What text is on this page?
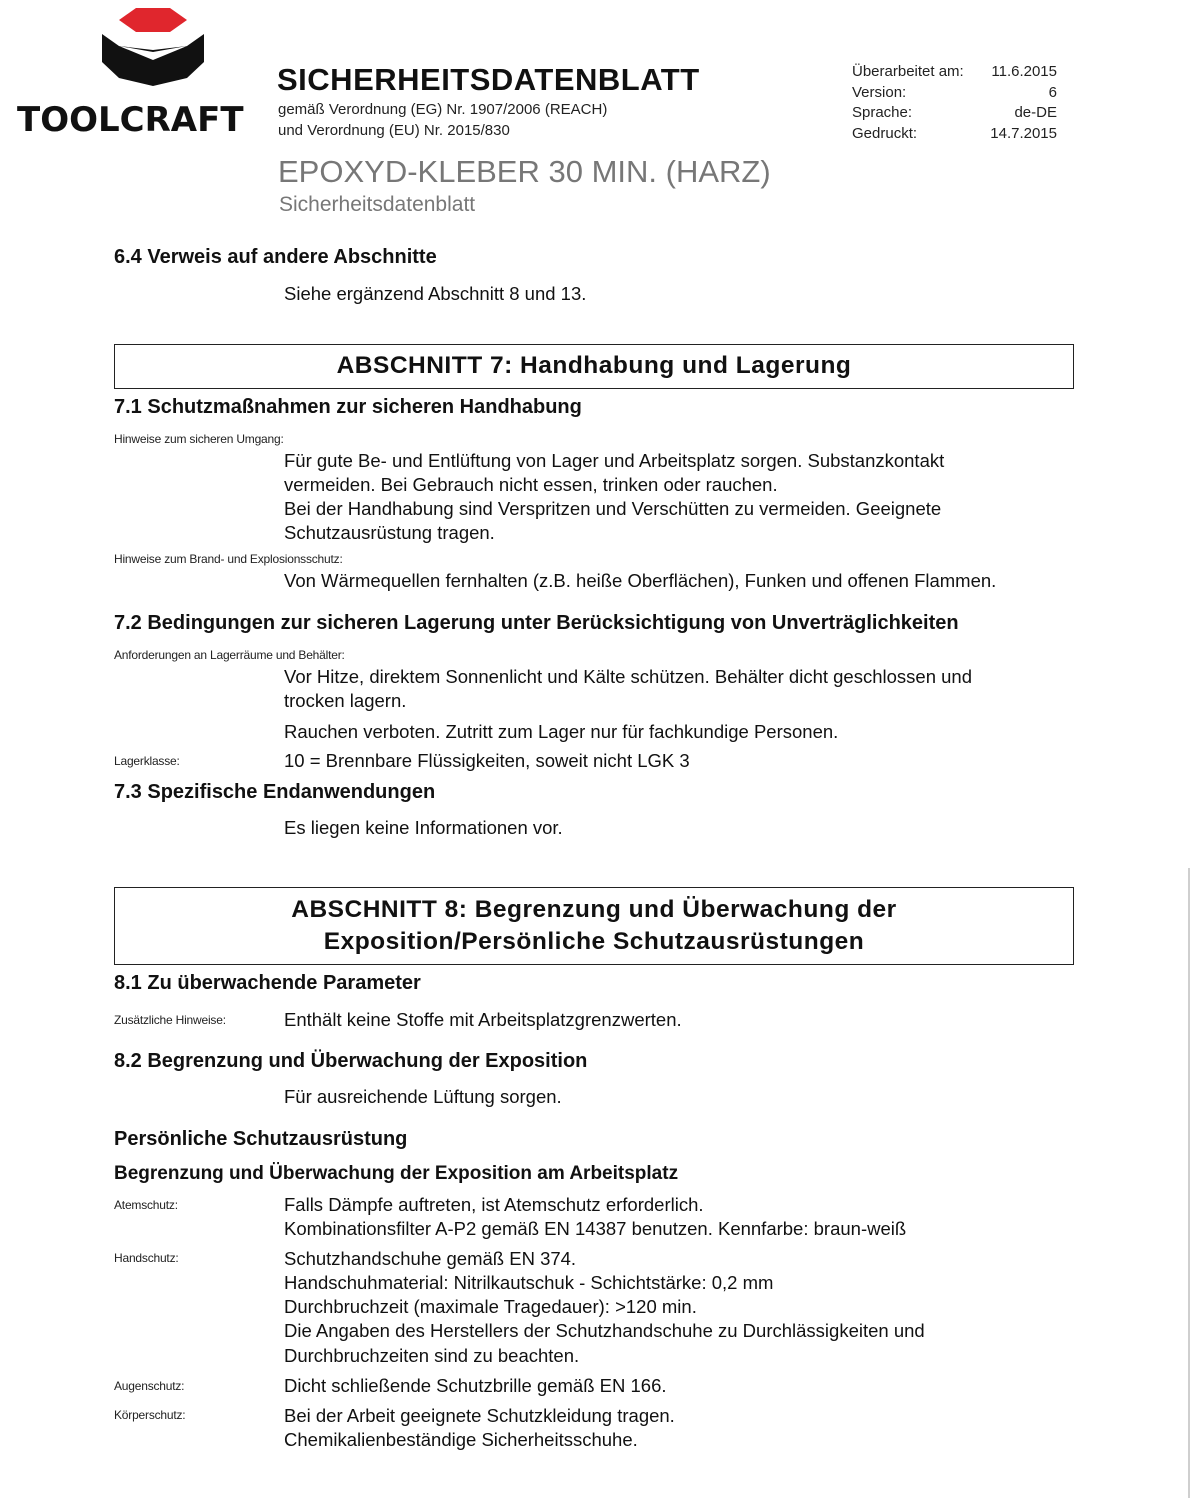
TOOLCRAFT
SICHERHEITSDATENBLATT
gemäß Verordnung (EG) Nr. 1907/2006 (REACH)
und Verordnung (EU) Nr. 2015/830
Überarbeitet am: 11.6.2015
Version:	6
Sprache:	de-DE
Gedruckt:	14.7.2015
EPOXYD-KLEBER 30 MIN. (HARZ)
Sicherheitsdatenblatt
6.4 Verweis auf andere Abschnitte
Siehe ergänzend Abschnitt 8 und 13.
ABSCHNITT 7: Handhabung und Lagerung
7.1 Schutzmaßnahmen zur sicheren Handhabung
Hinweise zum sicheren Umgang:
Für gute Be- und Entlüftung von Lager und Arbeitsplatz sorgen. Substanzkontakt
vermeiden. Bei Gebrauch nicht essen, trinken oder rauchen.
Bei der Handhabung sind Verspritzen und Verschütten zu vermeiden. Geeignete
Schutzausrüstung tragen.
Hinweise zum Brand- und Explosionsschutz:
Von Wärmequellen fernhalten (z.B. heiße Oberflächen), Funken und offenen Flammen.
7.2 Bedingungen zur sicheren Lagerung unter Berücksichtigung von Unverträglichkeiten
Anforderungen an Lagerräume und Behälter:
Vor Hitze, direktem Sonnenlicht und Kälte schützen. Behälter dicht geschlossen und
trocken lagern.
Rauchen verboten. Zutritt zum Lager nur für fachkundige Personen.
Lagerklasse:	10 = Brennbare Flüssigkeiten, soweit nicht LGK 3
7.3 Spezifische Endanwendungen
Es liegen keine Informationen vor.
ABSCHNITT 8: Begrenzung und Überwachung der
Exposition/Persönliche Schutzausrüstungen
8.1 Zu überwachende Parameter
Zusätzliche Hinweise:	Enthält keine Stoffe mit Arbeitsplatzgrenzwerten.
8.2 Begrenzung und Überwachung der Exposition
Für ausreichende Lüftung sorgen.
Persönliche Schutzausrüstung
Begrenzung und Überwachung der Exposition am Arbeitsplatz
Atemschutz:	Falls Dämpfe auftreten, ist Atemschutz erforderlich.
Kombinationsfilter A-P2 gemäß EN 14387 benutzen. Kennfarbe: braun-weiß
Handschutz:	Schutzhandschuhe gemäß EN 374.
Handschuhmaterial: Nitrilkautschuk - Schichtstärke: 0,2 mm
Durchbruchzeit (maximale Tragedauer): >120 min.
Die Angaben des Herstellers der Schutzhandschuhe zu Durchlässigkeiten und
Durchbruchzeiten sind zu beachten.
Augenschutz:	Dicht schließende Schutzbrille gemäß EN 166.
Körperschutz:	Bei der Arbeit geeignete Schutzkleidung tragen.
Chemikalienbeständige Sicherheitsschuhe.
